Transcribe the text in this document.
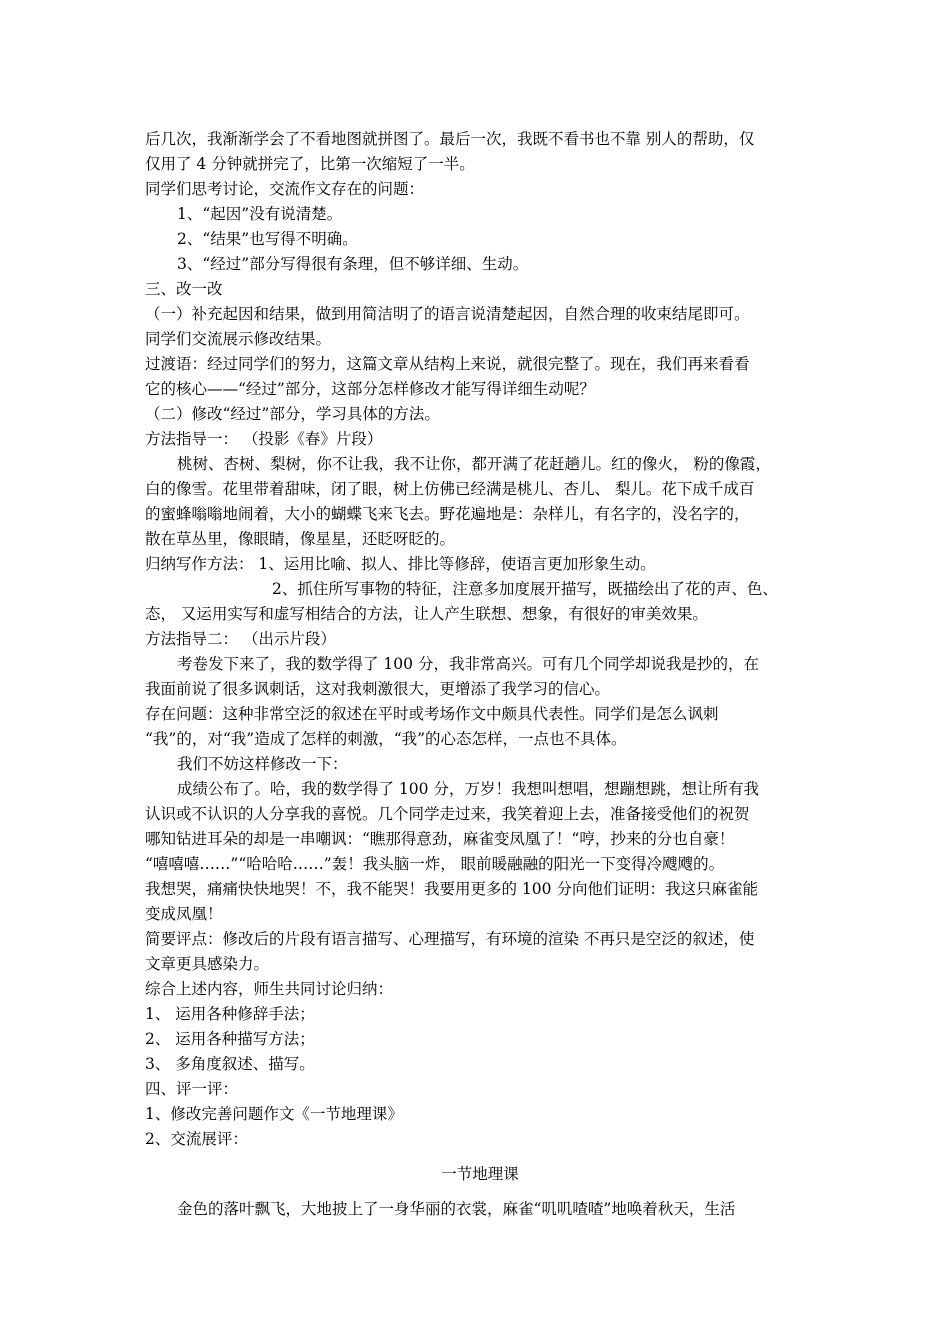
后几次，我渐渐学会了不看地图就拼图了。最后一次，我既不看书也不靠 别人的帮助，仅
仅用了 4 分钟就拼完了，比第一次缩短了一半。
同学们思考讨论，交流作文存在的问题：
1、“起因”没有说清楚。
2、“结果”也写得不明确。
3、“经过”部分写得很有条理，但不够详细、生动。
三、改一改
（一）补充起因和结果，做到用简洁明了的语言说清楚起因，自然合理的收束结尾即可。
同学们交流展示修改结果。
过渡语：经过同学们的努力，这篇文章从结构上来说，就很完整了。现在，我们再来看看
它的核心——“经过”部分，这部分怎样修改才能写得详细生动呢？
（二）修改“经过”部分，学习具体的方法。
方法指导一： （投影《春》片段）
桃树、杏树、梨树，你不让我，我不让你，都开满了花赶趟儿。红的像火， 粉的像霞，
白的像雪。花里带着甜味，闭了眼，树上仿佛已经满是桃儿、杏儿、 梨儿。花下成千成百
的蜜蜂嗡嗡地闹着，大小的蝴蝶飞来飞去。野花遍地是：杂样儿，有名字的，没名字的，
散在草丛里，像眼睛，像星星，还眨呀眨的。
归纳写作方法： 1、运用比喻、拟人、排比等修辞，使语言更加形象生动。
2、抓住所写事物的特征，注意多加度展开描写，既描绘出了花的声、色、
态， 又运用实写和虚写相结合的方法，让人产生联想、想象，有很好的审美效果。
方法指导二： （出示片段）
考卷发下来了，我的数学得了 100 分，我非常高兴。可有几个同学却说我是抄的，在
我面前说了很多讽刺话，这对我刺激很大，更增添了我学习的信心。
存在问题：这种非常空泛的叙述在平时或考场作文中颇具代表性。同学们是怎么讽刺
“我”的，对“我”造成了怎样的刺激，“我”的心态怎样，一点也不具体。
我们不妨这样修改一下：
成绩公布了。哈，我的数学得了 100 分，万岁！我想叫想唱，想蹦想跳，想让所有我
认识或不认识的人分享我的喜悦。几个同学走过来，我笑着迎上去，准备接受他们的祝贺
哪知钻进耳朵的却是一串嘲讽：“瞧那得意劲，麻雀变凤凰了！“哼，抄来的分也自豪！
“嘻嘻嘻……”“哈哈哈……”轰！我头脑一炸， 眼前暖融融的阳光一下变得冷飕飕的。
我想哭，痛痛快快地哭！不，我不能哭！我要用更多的 100 分向他们证明：我这只麻雀能
变成凤凰！
简要评点：修改后的片段有语言描写、心理描写，有环境的渲染 不再只是空泛的叙述，使
文章更具感染力。
综合上述内容，师生共同讨论归纳：
1、 运用各种修辞手法；
2、 运用各种描写方法；
3、 多角度叙述、描写。
四、评一评：
1、修改完善问题作文《一节地理课》
2、交流展评：
一节地理课
金色的落叶飘飞，大地披上了一身华丽的衣裳，麻雀“叽叽喳喳”地唤着秋天，生活
